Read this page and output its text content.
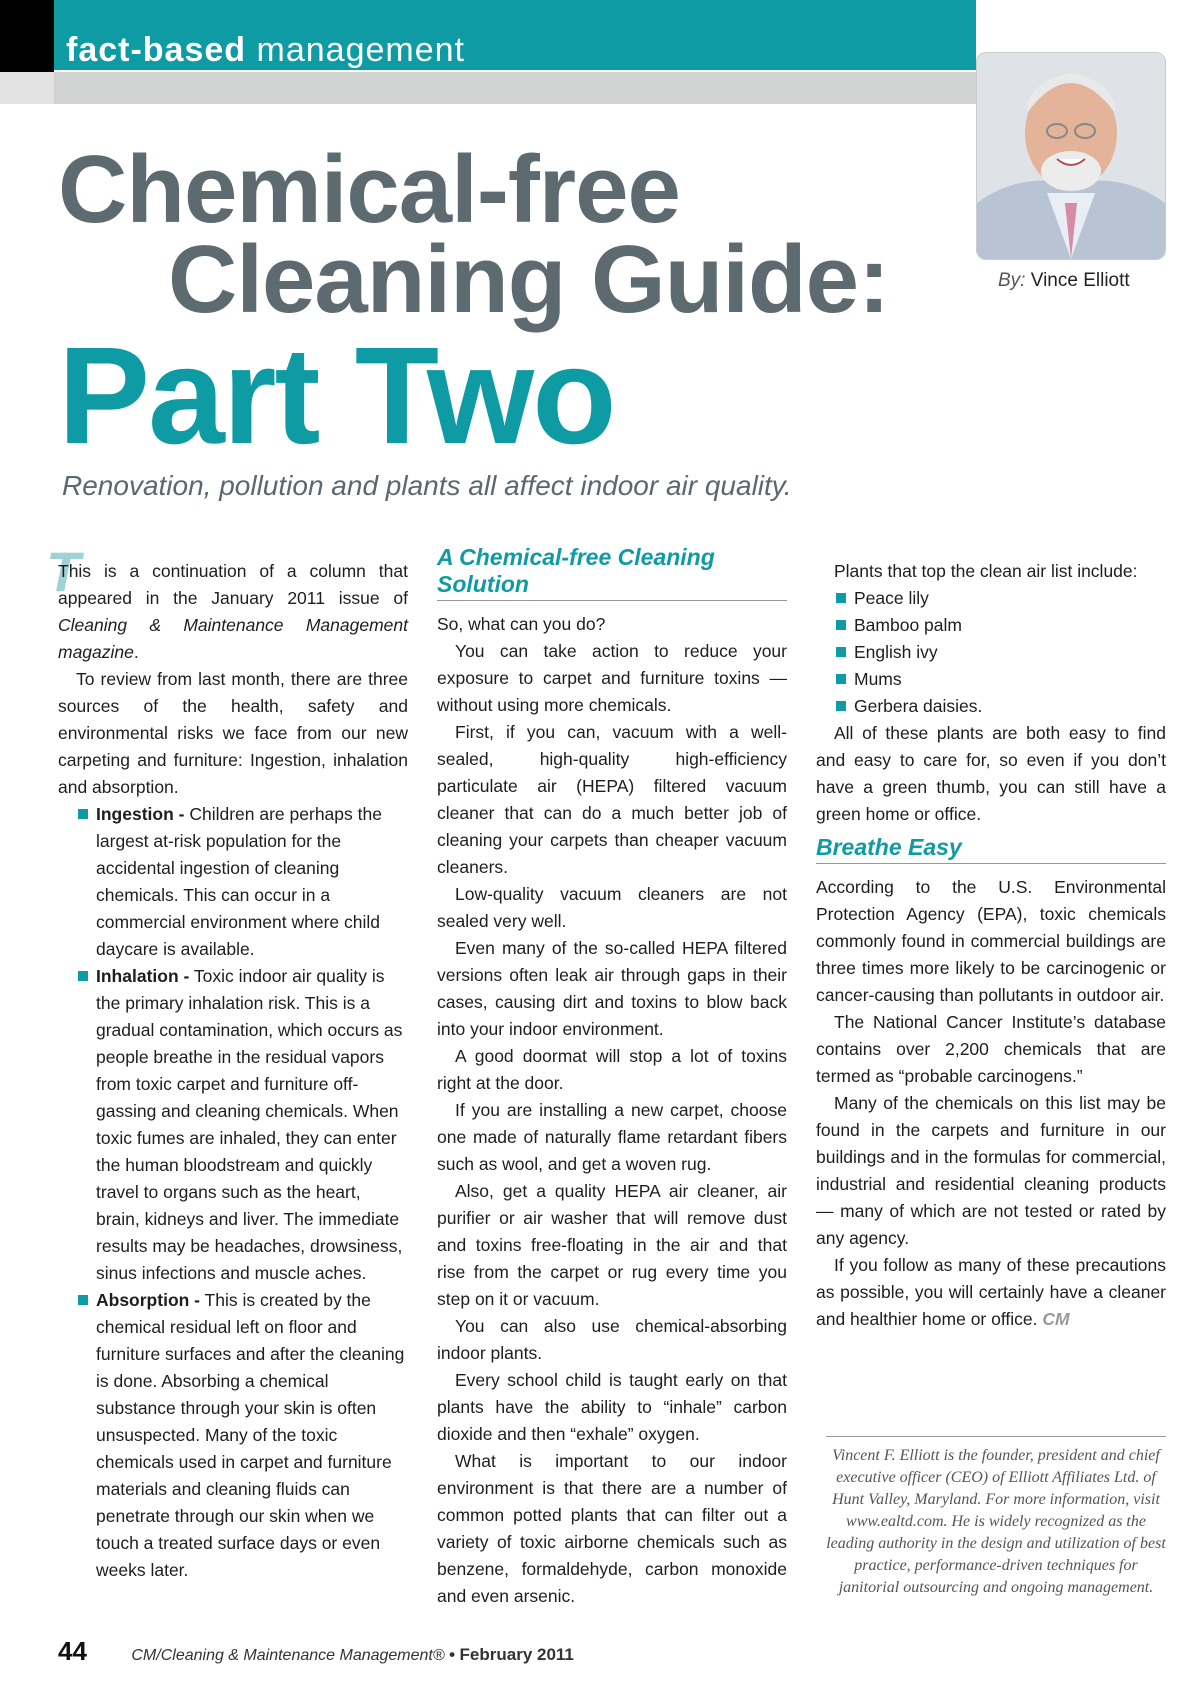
fact-based management
By: Vince Elliott
Chemical-free
Cleaning Guide:
Part Two
Renovation, pollution and plants all affect indoor air quality.
T

This is a continuation of a column that appeared in the January 2011 issue of Cleaning & Maintenance Management magazine.

To review from last month, there are three sources of the health, safety and environmental risks we face from our new carpeting and furniture: Ingestion, inhalation and absorption.

Ingestion - Children are perhaps the largest at-risk population for the accidental ingestion of cleaning chemicals. This can occur in a commercial environment where child daycare is available.
Inhalation - Toxic indoor air quality is the primary inhalation risk. This is a gradual contamination, which occurs as people breathe in the residual vapors from toxic carpet and furniture off-gassing and cleaning chemicals. When toxic fumes are inhaled, they can enter the human bloodstream and quickly travel to organs such as the heart, brain, kidneys and liver. The immediate results may be headaches, drowsiness, sinus infections and muscle aches.
Absorption - This is created by the chemical residual left on floor and furniture surfaces and after the cleaning is done. Absorbing a chemical substance through your skin is often unsuspected. Many of the toxic chemicals used in carpet and furniture materials and cleaning fluids can penetrate through our skin when we touch a treated surface days or even weeks later.
A Chemical-free Cleaning Solution

So, what can you do?

You can take action to reduce your exposure to carpet and furniture toxins — without using more chemicals.

First, if you can, vacuum with a well-sealed, high-quality high-efficiency particulate air (HEPA) filtered vacuum cleaner that can do a much better job of cleaning your carpets than cheaper vacuum cleaners.

Low-quality vacuum cleaners are not sealed very well.

Even many of the so-called HEPA filtered versions often leak air through gaps in their cases, causing dirt and toxins to blow back into your indoor environment.

A good doormat will stop a lot of toxins right at the door.

If you are installing a new carpet, choose one made of naturally flame retardant fibers such as wool, and get a woven rug.

Also, get a quality HEPA air cleaner, air purifier or air washer that will remove dust and toxins free-floating in the air and that rise from the carpet or rug every time you step on it or vacuum.

You can also use chemical-absorbing indoor plants.

Every school child is taught early on that plants have the ability to “inhale” carbon dioxide and then “exhale” oxygen.

What is important to our indoor environment is that there are a number of common potted plants that can filter out a variety of toxic airborne chemicals such as benzene, formaldehyde, carbon monoxide and even arsenic.

Plants that top the clean air list include:

Peace lily
Bamboo palm
English ivy
Mums
Gerbera daisies.

All of these plants are both easy to find and easy to care for, so even if you don’t have a green thumb, you can still have a green home or office.

Breathe Easy

According to the U.S. Environmental Protection Agency (EPA), toxic chemicals commonly found in commercial buildings are three times more likely to be carcinogenic or cancer-causing than pollutants in outdoor air.

The National Cancer Institute’s database contains over 2,200 chemicals that are termed as “probable carcinogens.”

Many of the chemicals on this list may be found in the carpets and furniture in our buildings and in the formulas for commercial, industrial and residential cleaning products — many of which are not tested or rated by any agency.

If you follow as many of these precautions as possible, you will certainly have a cleaner and healthier home or office. CM

Vincent F. Elliott is the founder, president and chief executive officer (CEO) of Elliott Affiliates Ltd. of Hunt Valley, Maryland. For more information, visit www.ealtd.com. He is widely recognized as the leading authority in the design and utilization of best practice, performance-driven techniques for janitorial outsourcing and ongoing management.
44	CM/Cleaning & Maintenance Management® • February 2011
